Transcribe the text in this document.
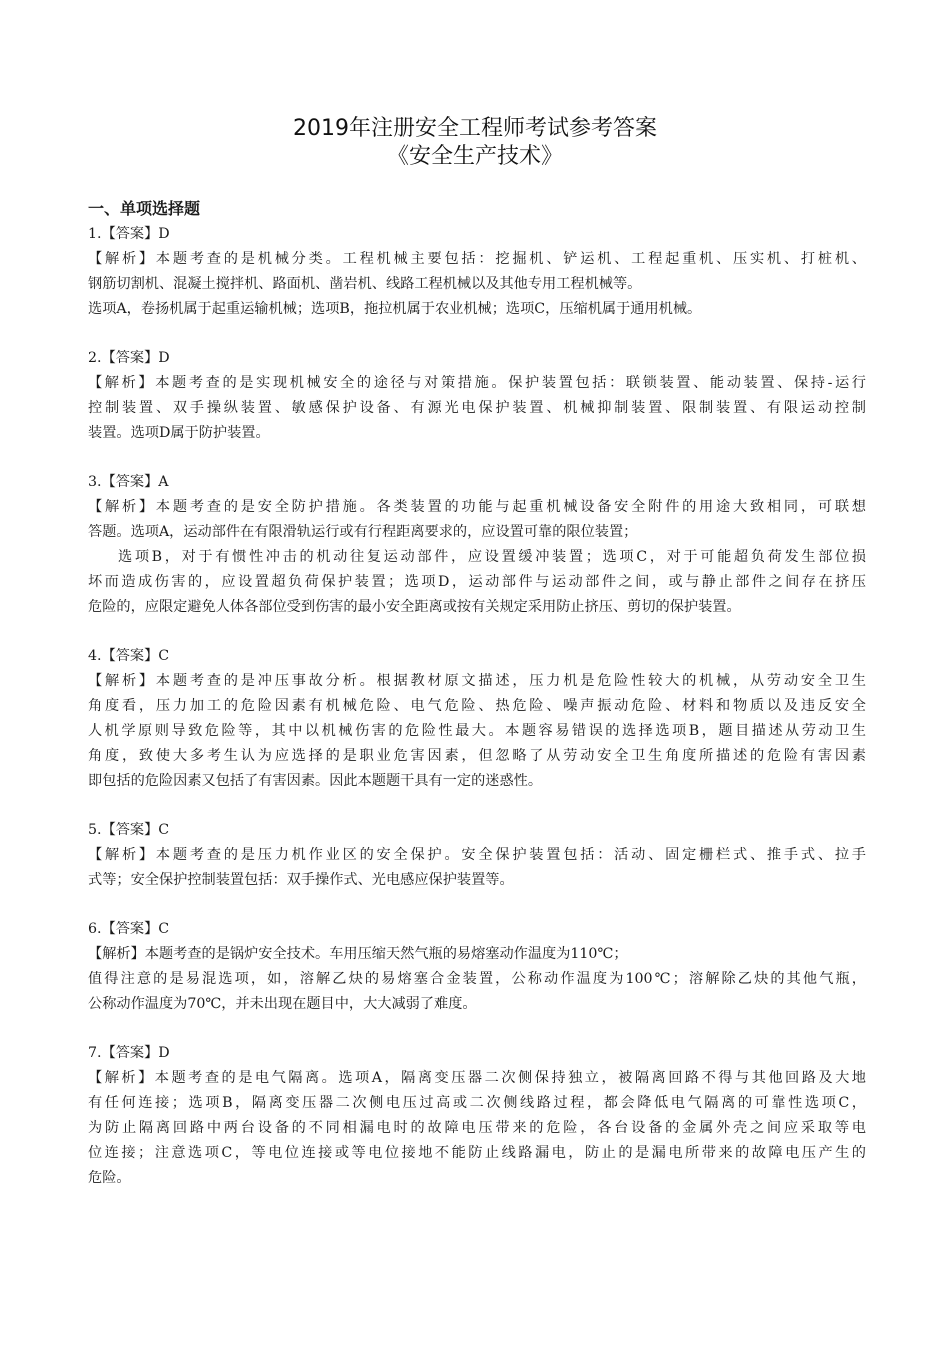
2019年注册安全工程师考试参考答案
《安全生产技术》
一、单项选择题
1.【答案】D
【解析】本题考查的是机械分类。工程机械主要包括：挖掘机、铲运机、工程起重机、压实机、打桩机、
钢筋切割机、混凝土搅拌机、路面机、凿岩机、线路工程机械以及其他专用工程机械等。
选项A，卷扬机属于起重运输机械；选项B，拖拉机属于农业机械；选项C，压缩机属于通用机械。
2.【答案】D
【解析】本题考查的是实现机械安全的途径与对策措施。保护装置包括：联锁装置、能动装置、保持-运行
控制装置、双手操纵装置、敏感保护设备、有源光电保护装置、机械抑制装置、限制装置、有限运动控制
装置。选项D属于防护装置。
3.【答案】A
【解析】本题考查的是安全防护措施。各类装置的功能与起重机械设备安全附件的用途大致相同，可联想
答题。选项A，运动部件在有限滑轨运行或有行程距离要求的，应设置可靠的限位装置；
选项B，对于有惯性冲击的机动往复运动部件，应设置缓冲装置；选项C，对于可能超负荷发生部位损
坏而造成伤害的，应设置超负荷保护装置；选项D，运动部件与运动部件之间，或与静止部件之间存在挤压
危险的，应限定避免人体各部位受到伤害的最小安全距离或按有关规定采用防止挤压、剪切的保护装置。
4.【答案】C
【解析】本题考查的是冲压事故分析。根据教材原文描述，压力机是危险性较大的机械，从劳动安全卫生
角度看，压力加工的危险因素有机械危险、电气危险、热危险、噪声振动危险、材料和物质以及违反安全
人机学原则导致危险等，其中以机械伤害的危险性最大。本题容易错误的选择选项B，题目描述从劳动卫生
角度，致使大多考生认为应选择的是职业危害因素，但忽略了从劳动安全卫生角度所描述的危险有害因素
即包括的危险因素又包括了有害因素。因此本题题干具有一定的迷惑性。
5.【答案】C
【解析】本题考查的是压力机作业区的安全保护。安全保护装置包括：活动、固定栅栏式、推手式、拉手
式等；安全保护控制装置包括：双手操作式、光电感应保护装置等。
6.【答案】C
【解析】本题考查的是锅炉安全技术。车用压缩天然气瓶的易熔塞动作温度为110℃；
值得注意的是易混选项，如，溶解乙炔的易熔塞合金装置，公称动作温度为100℃；溶解除乙炔的其他气瓶，
公称动作温度为70℃，并未出现在题目中，大大减弱了难度。
7.【答案】D
【解析】本题考查的是电气隔离。选项A，隔离变压器二次侧保持独立，被隔离回路不得与其他回路及大地
有任何连接；选项B，隔离变压器二次侧电压过高或二次侧线路过程，都会降低电气隔离的可靠性选项C，
为防止隔离回路中两台设备的不同相漏电时的故障电压带来的危险，各台设备的金属外壳之间应采取等电
位连接；注意选项C，等电位连接或等电位接地不能防止线路漏电，防止的是漏电所带来的故障电压产生的
危险。
